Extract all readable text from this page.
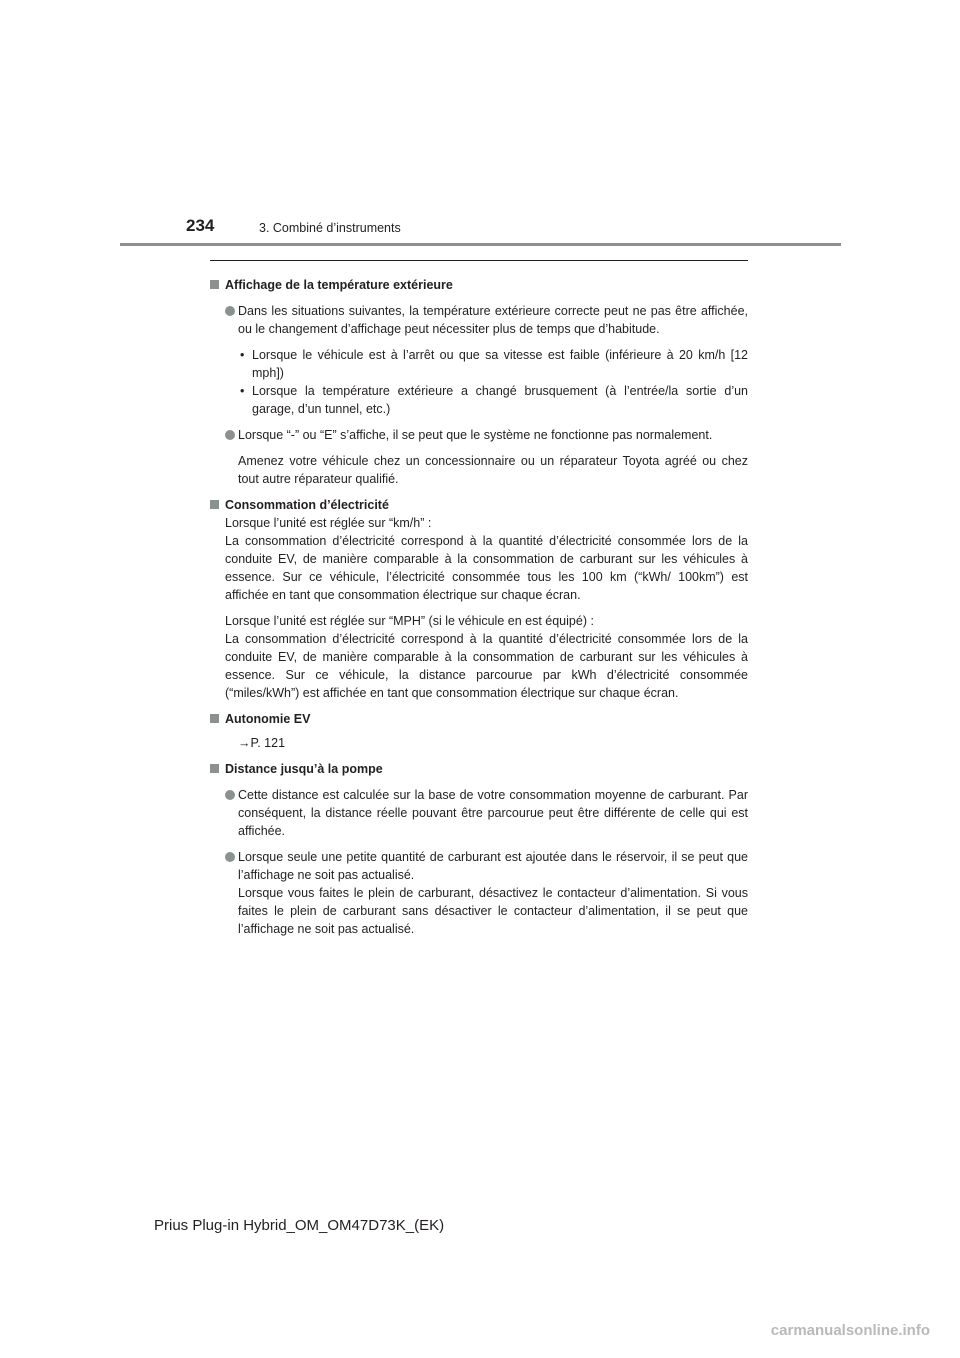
234	3. Combiné d’instruments
Affichage de la température extérieure
Dans les situations suivantes, la température extérieure correcte peut ne pas être affichée, ou le changement d’affichage peut nécessiter plus de temps que d’habitude.
• Lorsque le véhicule est à l’arrêt ou que sa vitesse est faible (inférieure à 20 km/h [12 mph])
• Lorsque la température extérieure a changé brusquement (à l’entrée/la sortie d’un garage, d’un tunnel, etc.)
Lorsque “-” ou “E” s’affiche, il se peut que le système ne fonctionne pas normalement.
Amenez votre véhicule chez un concessionnaire ou un réparateur Toyota agréé ou chez tout autre réparateur qualifié.
Consommation d’électricité
Lorsque l’unité est réglée sur “km/h” :
La consommation d’électricité correspond à la quantité d’électricité consommée lors de la conduite EV, de manière comparable à la consommation de carburant sur les véhicules à essence. Sur ce véhicule, l’électricité consommée tous les 100 km (“kWh/ 100km”) est affichée en tant que consommation électrique sur chaque écran.
Lorsque l’unité est réglée sur “MPH” (si le véhicule en est équipé) :
La consommation d’électricité correspond à la quantité d’électricité consommée lors de la conduite EV, de manière comparable à la consommation de carburant sur les véhicules à essence. Sur ce véhicule, la distance parcourue par kWh d’électricité consommée (“miles/kWh”) est affichée en tant que consommation électrique sur chaque écran.
Autonomie EV
→P. 121
Distance jusqu’à la pompe
Cette distance est calculée sur la base de votre consommation moyenne de carburant. Par conséquent, la distance réelle pouvant être parcourue peut être différente de celle qui est affichée.
Lorsque seule une petite quantité de carburant est ajoutée dans le réservoir, il se peut que l’affichage ne soit pas actualisé.
Lorsque vous faites le plein de carburant, désactivez le contacteur d’alimentation. Si vous faites le plein de carburant sans désactiver le contacteur d’alimentation, il se peut que l’affichage ne soit pas actualisé.
Prius Plug-in Hybrid_OM_OM47D73K_(EK)
carmanualsonline.info
